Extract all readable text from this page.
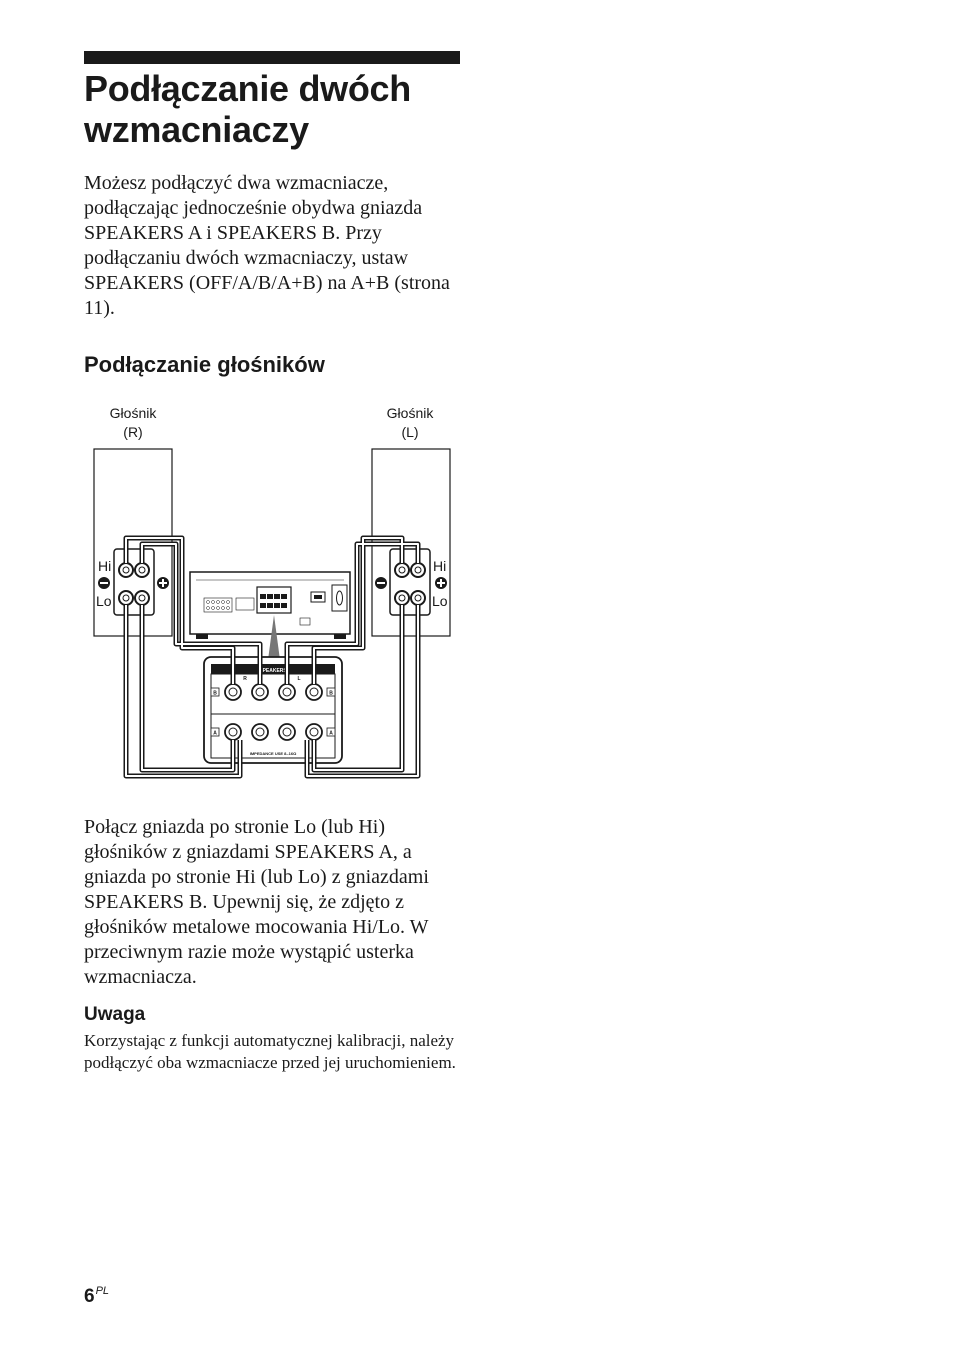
Podłączanie dwóch wzmacniaczy

Możesz podłączyć dwa wzmacniacze, podłączając jednocześnie obydwa gniazda SPEAKERS A i SPEAKERS B. Przy podłączaniu dwóch wzmacniaczy, ustaw SPEAKERS (OFF/A/B/A+B) na A+B (strona 11).

Podłączanie głośników
Głośnik
(R)
Głośnik
(L)
Hi
Lo
Hi
Lo
SPEAKERS
R	L
B	B
A	A
IMPEDANCE USE 8–16Ω

Połącz gniazda po stronie Lo (lub Hi) głośników z gniazdami SPEAKERS A, a gniazda po stronie Hi (lub Lo) z gniazdami SPEAKERS B. Upewnij się, że zdjęto z głośników metalowe mocowania Hi/Lo. W przeciwnym razie może wystąpić usterka wzmacniacza.

Uwaga

Korzystając z funkcji automatycznej kalibracji, należy podłączyć oba wzmacniacze przed jej uruchomieniem.

$6^{PL}$
